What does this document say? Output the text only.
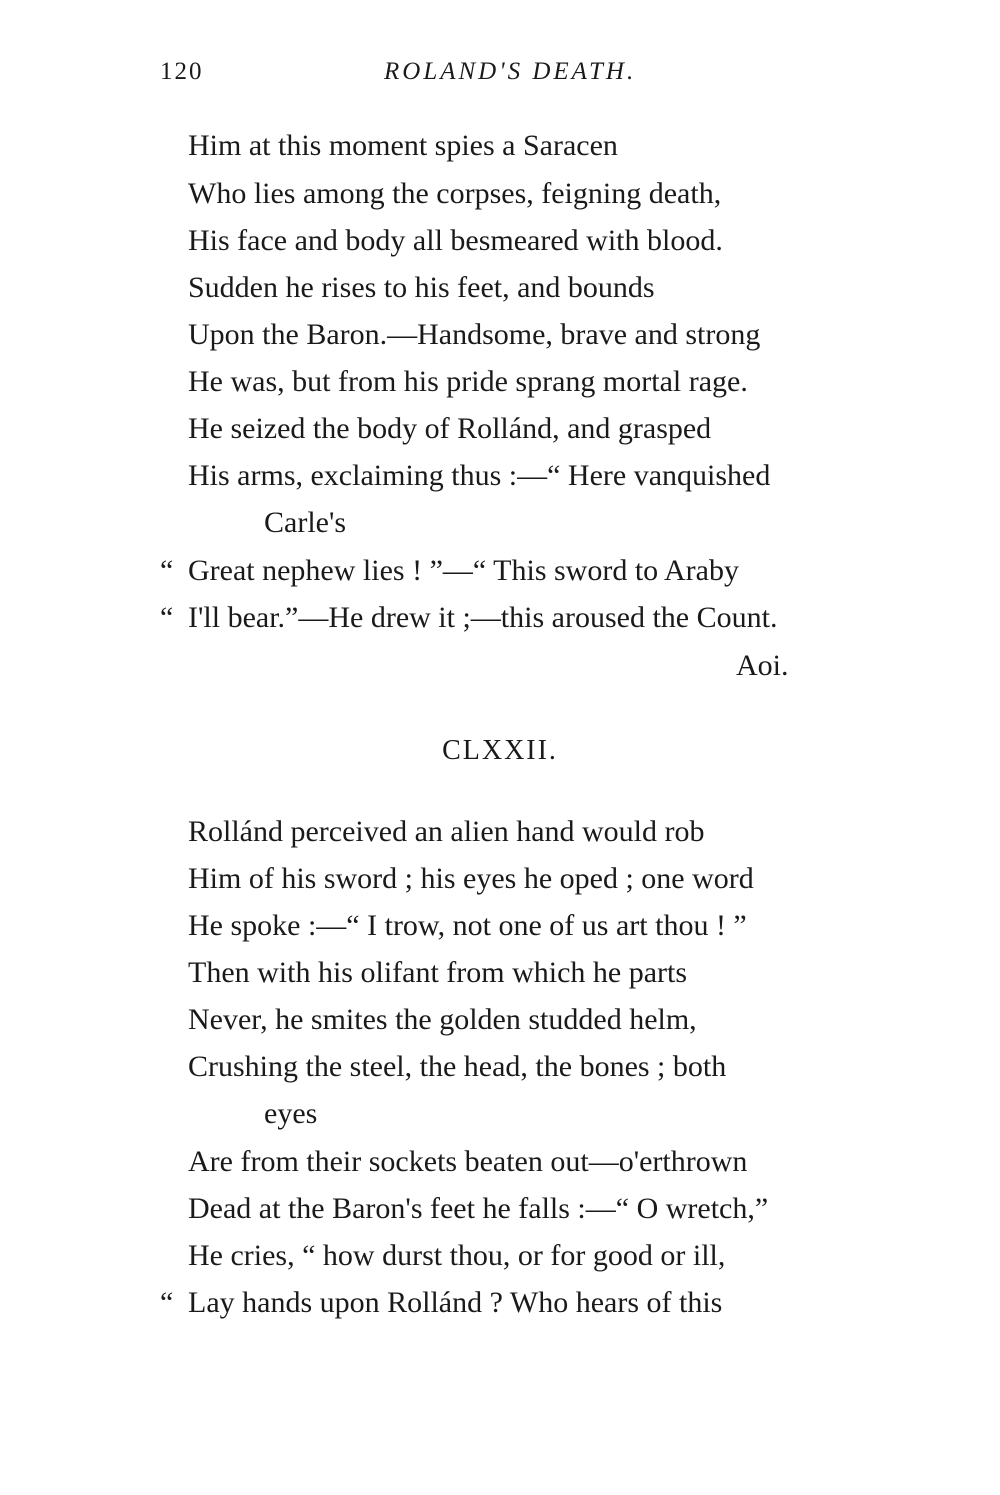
120	ROLAND'S DEATH.
Him at this moment spies a Saracen
Who lies among the corpses, feigning death,
His face and body all besmeared with blood.
Sudden he rises to his feet, and bounds
Upon the Baron.—Handsome, brave and strong
He was, but from his pride sprang mortal rage.
He seized the body of Rollánd, and grasped
His arms, exclaiming thus :—“ Here vanquished
Carle's
“ Great nephew lies ! ”—“ This sword to Araby
“ I'll bear.”—He drew it ;—this aroused the Count.
Aoi.
CLXXII.
Rollánd perceived an alien hand would rob
Him of his sword ; his eyes he oped ; one word
He spoke :—“ I trow, not one of us art thou ! ”
Then with his olifant from which he parts
Never, he smites the golden studded helm,
Crushing the steel, the head, the bones ; both
eyes
Are from their sockets beaten out—o'erthrown
Dead at the Baron's feet he falls :—“ O wretch,”
He cries, “ how durst thou, or for good or ill,
“ Lay hands upon Rollánd ? Who hears of this
